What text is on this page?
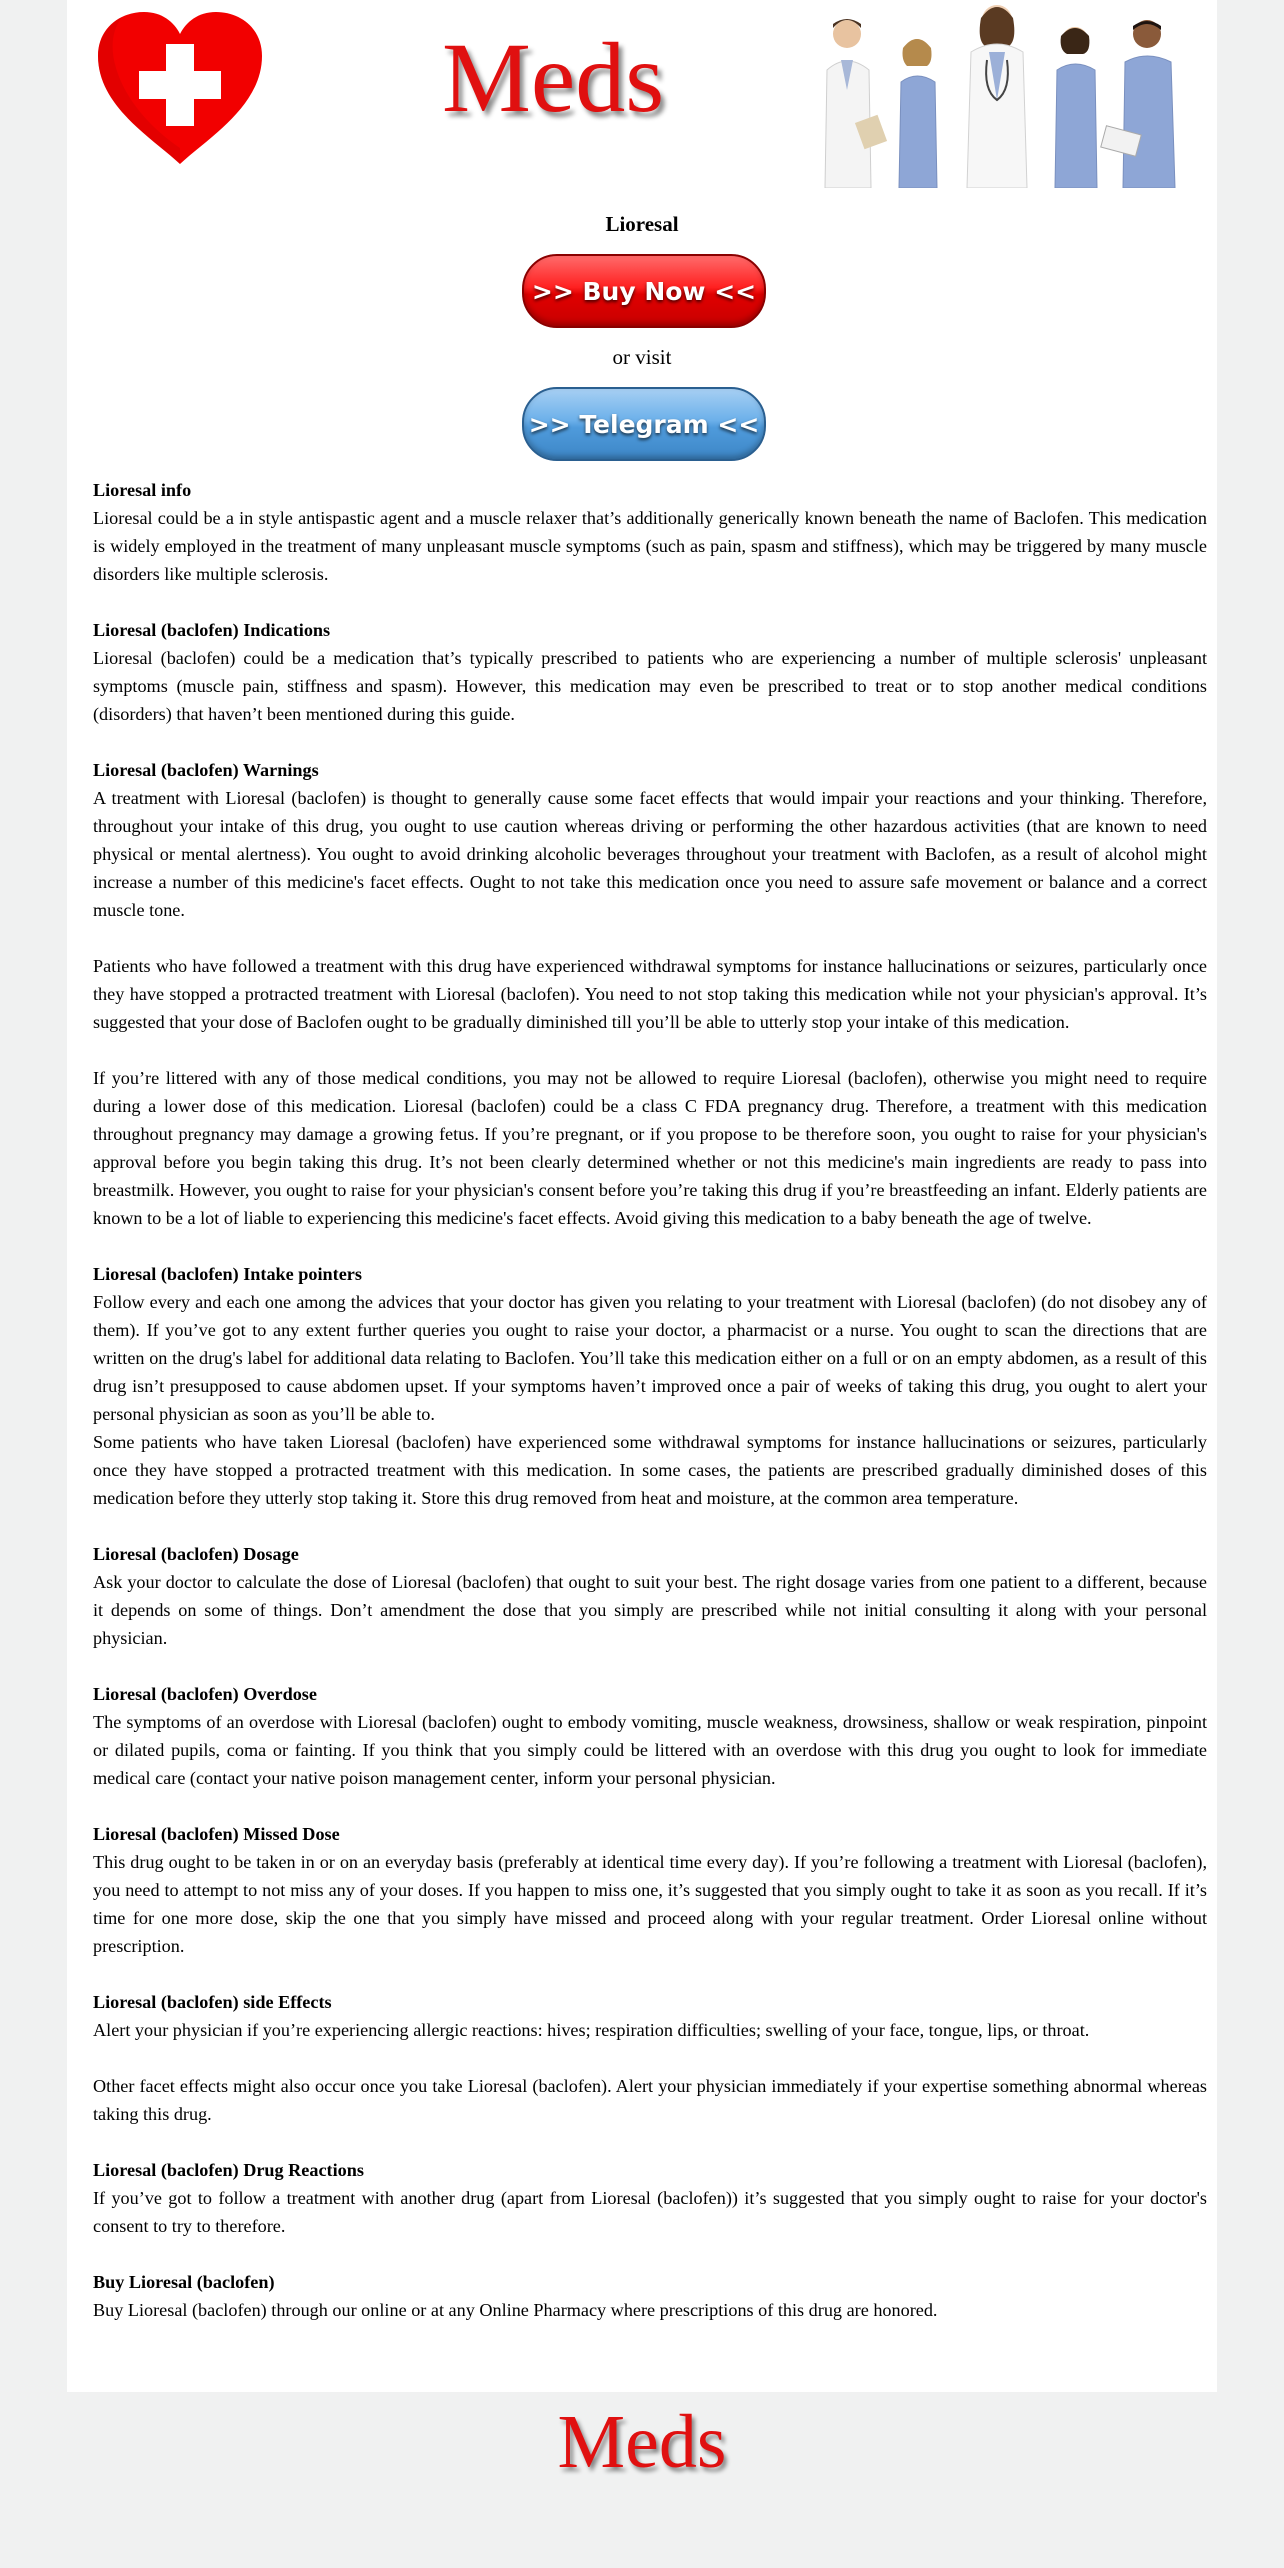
Meds
Lioresal
>> Buy Now <<
or visit
>> Telegram <<

Lioresal info

Lioresal could be a in style antispastic agent and a muscle relaxer that’s additionally generically known beneath the name of Baclofen. This medication is widely employed in the treatment of many unpleasant muscle symptoms (such as pain, spasm and stiffness), which may be triggered by many muscle disorders like multiple sclerosis.

Lioresal (baclofen) Indications

Lioresal (baclofen) could be a medication that’s typically prescribed to patients who are experiencing a number of multiple sclerosis' unpleasant symptoms (muscle pain, stiffness and spasm). However, this medication may even be prescribed to treat or to stop another medical conditions (disorders) that haven’t been mentioned during this guide.

Lioresal (baclofen) Warnings

A treatment with Lioresal (baclofen) is thought to generally cause some facet effects that would impair your reactions and your thinking. Therefore, throughout your intake of this drug, you ought to use caution whereas driving or performing the other hazardous activities (that are known to need physical or mental alertness). You ought to avoid drinking alcoholic beverages throughout your treatment with Baclofen, as a result of alcohol might increase a number of this medicine's facet effects. Ought to not take this medication once you need to assure safe movement or balance and a correct muscle tone.

Patients who have followed a treatment with this drug have experienced withdrawal symptoms for instance hallucinations or seizures, particularly once they have stopped a protracted treatment with Lioresal (baclofen). You need to not stop taking this medication while not your physician's approval. It’s suggested that your dose of Baclofen ought to be gradually diminished till you’ll be able to utterly stop your intake of this medication.

If you’re littered with any of those medical conditions, you may not be allowed to require Lioresal (baclofen), otherwise you might need to require during a lower dose of this medication. Lioresal (baclofen) could be a class C FDA pregnancy drug. Therefore, a treatment with this medication throughout pregnancy may damage a growing fetus. If you’re pregnant, or if you propose to be therefore soon, you ought to raise for your physician's approval before you begin taking this drug. It’s not been clearly determined whether or not this medicine's main ingredients are ready to pass into breastmilk. However, you ought to raise for your physician's consent before you’re taking this drug if you’re breastfeeding an infant. Elderly patients are known to be a lot of liable to experiencing this medicine's facet effects. Avoid giving this medication to a baby beneath the age of twelve.

Lioresal (baclofen) Intake pointers

Follow every and each one among the advices that your doctor has given you relating to your treatment with Lioresal (baclofen) (do not disobey any of them). If you’ve got to any extent further queries you ought to raise your doctor, a pharmacist or a nurse. You ought to scan the directions that are written on the drug's label for additional data relating to Baclofen. You’ll take this medication either on a full or on an empty abdomen, as a result of this drug isn’t presupposed to cause abdomen upset. If your symptoms haven’t improved once a pair of weeks of taking this drug, you ought to alert your personal physician as soon as you’ll be able to.

Some patients who have taken Lioresal (baclofen) have experienced some withdrawal symptoms for instance hallucinations or seizures, particularly once they have stopped a protracted treatment with this medication. In some cases, the patients are prescribed gradually diminished doses of this medication before they utterly stop taking it. Store this drug removed from heat and moisture, at the common area temperature.

Lioresal (baclofen) Dosage

Ask your doctor to calculate the dose of Lioresal (baclofen) that ought to suit your best. The right dosage varies from one patient to a different, because it depends on some of things. Don’t amendment the dose that you simply are prescribed while not initial consulting it along with your personal physician.

Lioresal (baclofen) Overdose

The symptoms of an overdose with Lioresal (baclofen) ought to embody vomiting, muscle weakness, drowsiness, shallow or weak respiration, pinpoint or dilated pupils, coma or fainting. If you think that you simply could be littered with an overdose with this drug you ought to look for immediate medical care (contact your native poison management center, inform your personal physician.

Lioresal (baclofen) Missed Dose

This drug ought to be taken in or on an everyday basis (preferably at identical time every day). If you’re following a treatment with Lioresal (baclofen), you need to attempt to not miss any of your doses. If you happen to miss one, it’s suggested that you simply ought to take it as soon as you recall. If it’s time for one more dose, skip the one that you simply have missed and proceed along with your regular treatment. Order Lioresal online without prescription.

Lioresal (baclofen) side Effects

Alert your physician if you’re experiencing allergic reactions: hives; respiration difficulties; swelling of your face, tongue, lips, or throat.

Other facet effects might also occur once you take Lioresal (baclofen). Alert your physician immediately if your expertise something abnormal whereas taking this drug.

Lioresal (baclofen) Drug Reactions

If you’ve got to follow a treatment with another drug (apart from Lioresal (baclofen)) it’s suggested that you simply ought to raise for your doctor's consent to try to therefore.

Buy Lioresal (baclofen)

Buy Lioresal (baclofen) through our online or at any Online Pharmacy where prescriptions of this drug are honored.

Meds
